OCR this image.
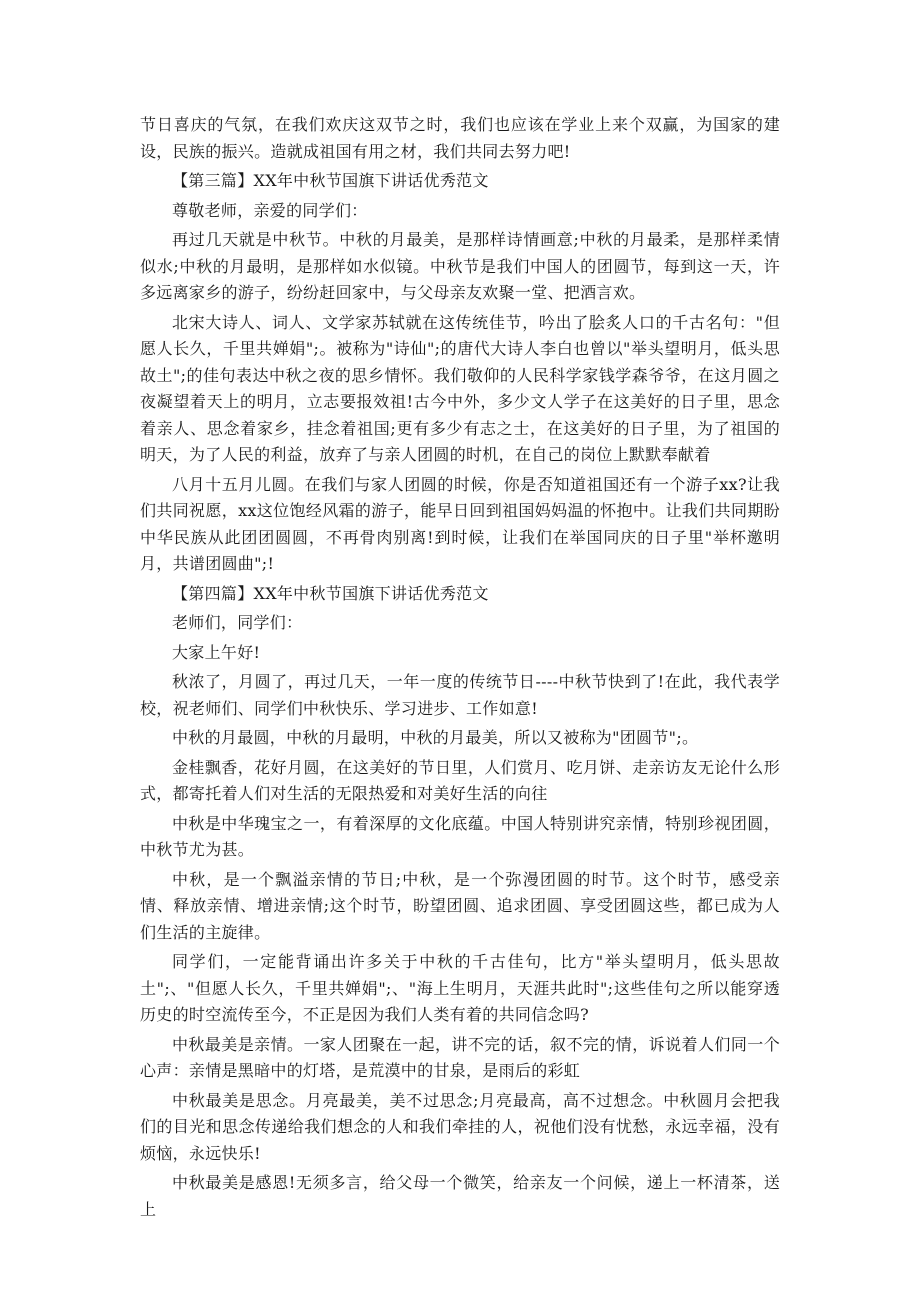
节日喜庆的气氛，在我们欢庆这双节之时，我们也应该在学业上来个双赢，为国家的建设，民族的振兴。造就成祖国有用之材，我们共同去努力吧!

【第三篇】XX年中秋节国旗下讲话优秀范文

尊敬老师，亲爱的同学们：

再过几天就是中秋节。中秋的月最美，是那样诗情画意;中秋的月最柔，是那样柔情似水;中秋的月最明，是那样如水似镜。中秋节是我们中国人的团圆节，每到这一天，许多远离家乡的游子，纷纷赶回家中，与父母亲友欢聚一堂、把酒言欢。

北宋大诗人、词人、文学家苏轼就在这传统佳节，吟出了脍炙人口的千古名句："但愿人长久，千里共婵娟";。被称为"诗仙";的唐代大诗人李白也曾以"举头望明月，低头思故土";的佳句表达中秋之夜的思乡情怀。我们敬仰的人民科学家钱学森爷爷，在这月圆之夜凝望着天上的明月，立志要报效祖!古今中外，多少文人学子在这美好的日子里，思念着亲人、思念着家乡，挂念着祖国;更有多少有志之士，在这美好的日子里，为了祖国的明天，为了人民的利益，放弃了与亲人团圆的时机，在自己的岗位上默默奉献着

八月十五月儿圆。在我们与家人团圆的时候，你是否知道祖国还有一个游子xx?让我们共同祝愿，xx这位饱经风霜的游子，能早日回到祖国妈妈温的怀抱中。让我们共同期盼中华民族从此团团圆圆，不再骨肉别离!到时候，让我们在举国同庆的日子里"举杯邀明月，共谱团圆曲";!

【第四篇】XX年中秋节国旗下讲话优秀范文

老师们，同学们：

大家上午好!

秋浓了，月圆了，再过几天，一年一度的传统节日----中秋节快到了!在此，我代表学校，祝老师们、同学们中秋快乐、学习进步、工作如意!

中秋的月最圆，中秋的月最明，中秋的月最美，所以又被称为"团圆节";。

金桂飘香，花好月圆，在这美好的节日里，人们赏月、吃月饼、走亲访友无论什么形式，都寄托着人们对生活的无限热爱和对美好生活的向往

中秋是中华瑰宝之一，有着深厚的文化底蕴。中国人特别讲究亲情，特别珍视团圆，中秋节尤为甚。

中秋，是一个飘溢亲情的节日;中秋，是一个弥漫团圆的时节。这个时节，感受亲情、释放亲情、增进亲情;这个时节，盼望团圆、追求团圆、享受团圆这些，都已成为人们生活的主旋律。

同学们，一定能背诵出许多关于中秋的千古佳句，比方"举头望明月，低头思故土";、"但愿人长久，千里共婵娟";、"海上生明月，天涯共此时";这些佳句之所以能穿透历史的时空流传至今，不正是因为我们人类有着的共同信念吗?

中秋最美是亲情。一家人团聚在一起，讲不完的话，叙不完的情，诉说着人们同一个心声：亲情是黑暗中的灯塔，是荒漠中的甘泉，是雨后的彩虹

中秋最美是思念。月亮最美，美不过思念;月亮最高，高不过想念。中秋圆月会把我们的目光和思念传递给我们想念的人和我们牵挂的人，祝他们没有忧愁，永远幸福，没有烦恼，永远快乐!

中秋最美是感恩!无须多言，给父母一个微笑，给亲友一个问候，递上一杯清茶，送上
